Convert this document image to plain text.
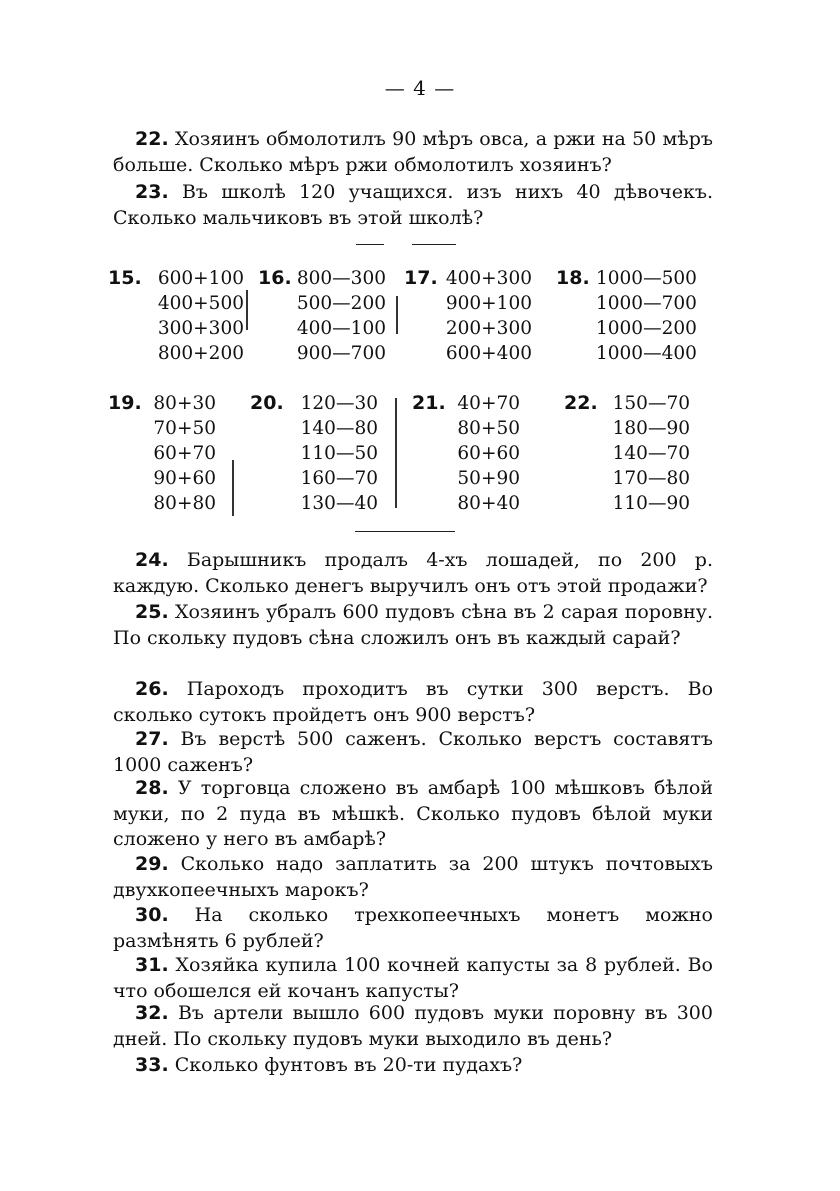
— 4 —

22. Хозяинъ обмолотилъ 90 мѣръ овса, а ржи на 50 мѣръ больше. Сколько мѣръ ржи обмолотилъ хозяинъ?

23. Въ школѣ 120 учащихся. изъ нихъ 40 дѣвочекъ. Сколько мальчиковъ въ этой школѣ?

15. 600+100
400+500
300+300
800+200
16. 800—300
500—200
400—100
900—700
17. 400+300
900+100
200+300
600+400
18. 1000—500
1000—700
1000—200
1000—400
19. 80+30
70+50
60+70
90+60
80+80
20. 120—30
140—80
110—50
160—70
130—40
21. 40+70
80+50
60+60
50+90
80+40
22. 150—70
180—90
140—70
170—80
110—90

24. Барышникъ продалъ 4-хъ лошадей, по 200 р. каждую. Сколько денегъ выручилъ онъ отъ этой продажи?

25. Хозяинъ убралъ 600 пудовъ сѣна въ 2 сарая поровну. По скольку пудовъ сѣна сложилъ онъ въ каждый сарай?

26. Пароходъ проходитъ въ сутки 300 верстъ. Во сколько сутокъ пройдетъ онъ 900 верстъ?

27. Въ верстѣ 500 саженъ. Сколько верстъ составятъ 1000 саженъ?

28. У торговца сложено въ амбарѣ 100 мѣшковъ бѣлой муки, по 2 пуда въ мѣшкѣ. Сколько пудовъ бѣлой муки сложено у него въ амбарѣ?

29. Сколько надо заплатить за 200 штукъ почтовыхъ двухкопеечныхъ марокъ?

30. На сколько трехкопеечныхъ монетъ можно размѣнять 6 рублей?

31. Хозяйка купила 100 кочней капусты за 8 рублей. Во что обошелся ей кочанъ капусты?

32. Въ артели вышло 600 пудовъ муки поровну въ 300 дней. По скольку пудовъ муки выходило въ день?

33. Сколько фунтовъ въ 20-ти пудахъ?
